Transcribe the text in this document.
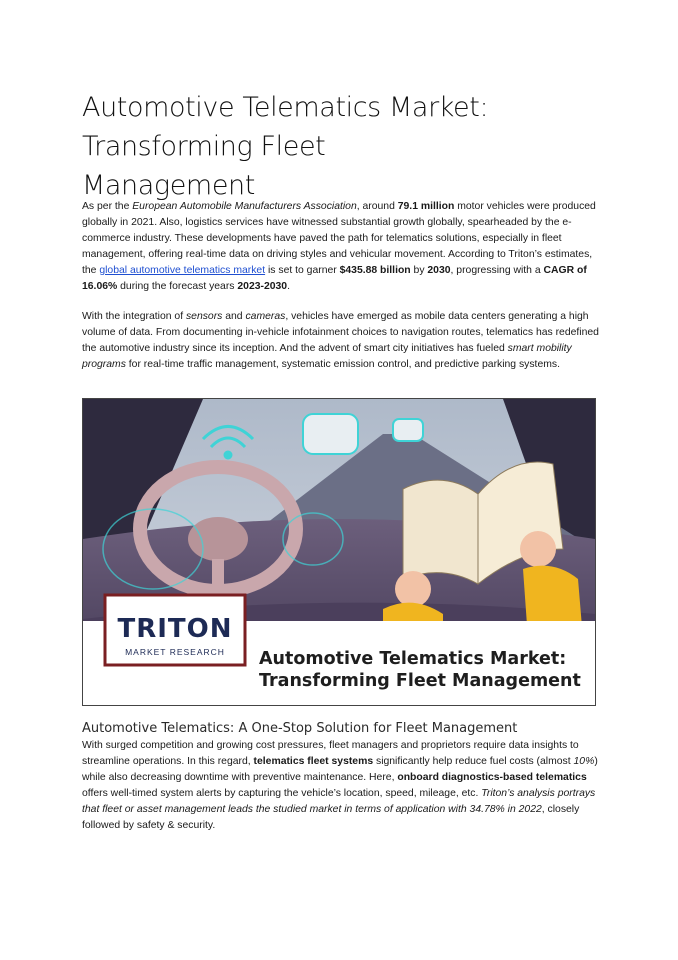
Automotive Telematics Market:
Transforming Fleet
Management

As per the European Automobile Manufacturers Association, around 79.1 million motor vehicles were produced globally in 2021. Also, logistics services have witnessed substantial growth globally, spearheaded by the e-commerce industry. These developments have paved the path for telematics solutions, especially in fleet management, offering real-time data on driving styles and vehicular movement. According to Triton’s estimates, the global automotive telematics market is set to garner $435.88 billion by 2030, progressing with a CAGR of 16.06% during the forecast years 2023-2030.

With the integration of sensors and cameras, vehicles have emerged as mobile data centers generating a high volume of data. From documenting in-vehicle infotainment choices to navigation routes, telematics has redefined the automotive industry since its inception. And the advent of smart city initiatives has fueled smart mobility programs for real-time traffic management, systematic emission control, and predictive parking systems.

TRITON
MARKET RESEARCH Automotive Telematics Market:
Transforming Fleet Management
Automotive Telematics: A One-Stop Solution for Fleet Management

With surged competition and growing cost pressures, fleet managers and proprietors require data insights to streamline operations. In this regard, telematics fleet systems significantly help reduce fuel costs (almost 10%) while also decreasing downtime with preventive maintenance. Here, onboard diagnostics-based telematics offers well-timed system alerts by capturing the vehicle’s location, speed, mileage, etc. Triton’s analysis portrays that fleet or asset management leads the studied market in terms of application with 34.78% in 2022, closely followed by safety & security.
